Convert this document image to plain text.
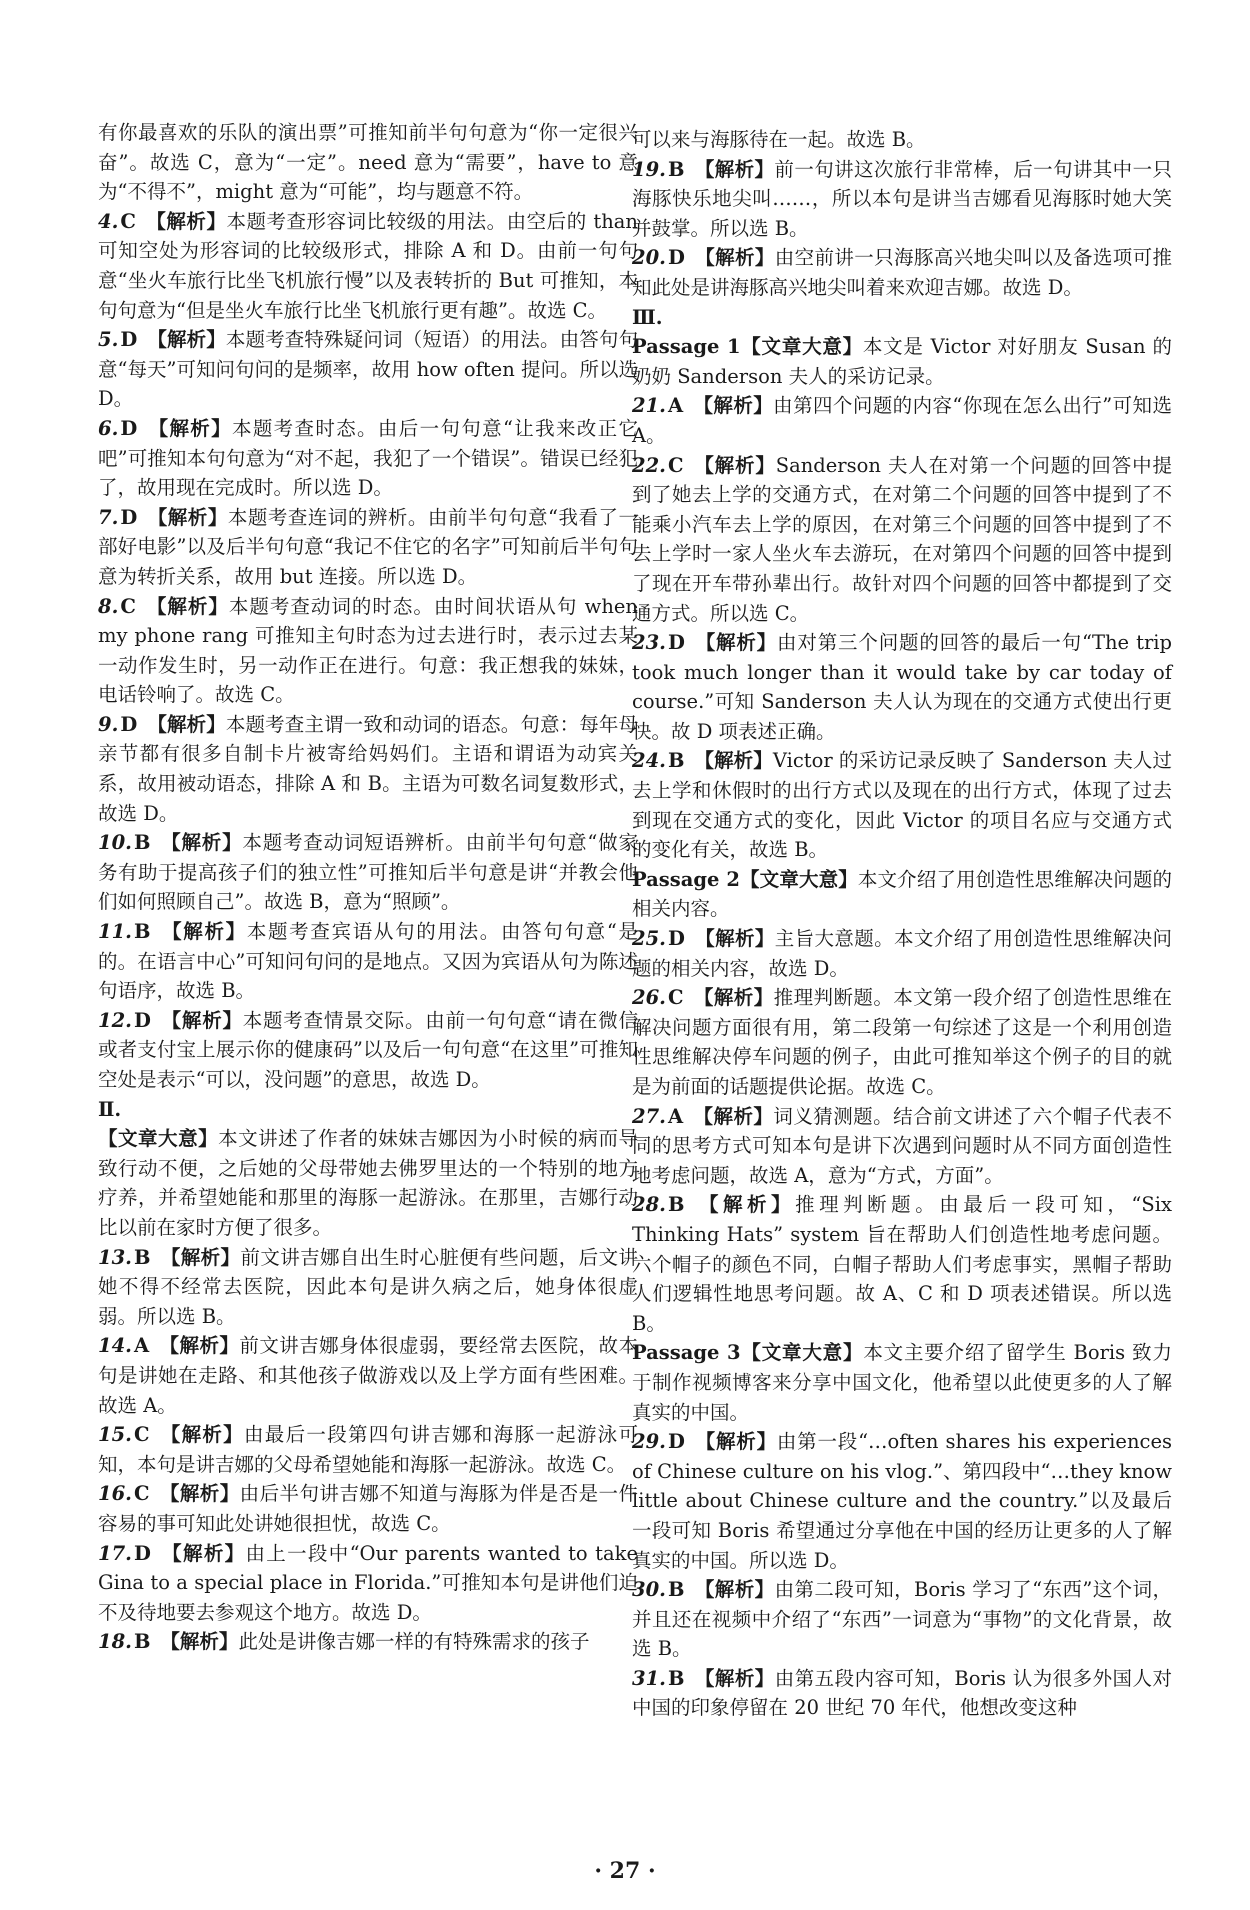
有你最喜欢的乐队的演出票”可推知前半句句意为“你一定很兴奋”。故选 C，意为“一定”。need 意为“需要”，have to 意为“不得不”，might 意为“可能”，均与题意不符。

4. C 【解析】本题考查形容词比较级的用法。由空后的 than 可知空处为形容词的比较级形式，排除 A 和 D。由前一句句意“坐火车旅行比坐飞机旅行慢”以及表转折的 But 可推知，本句句意为“但是坐火车旅行比坐飞机旅行更有趣”。故选 C。

5. D 【解析】本题考查特殊疑问词（短语）的用法。由答句句意“每天”可知问句问的是频率，故用 how often 提问。所以选 D。

6. D 【解析】本题考查时态。由后一句句意“让我来改正它吧”可推知本句句意为“对不起，我犯了一个错误”。错误已经犯了，故用现在完成时。所以选 D。

7. D 【解析】本题考查连词的辨析。由前半句句意“我看了一部好电影”以及后半句句意“我记不住它的名字”可知前后半句句意为转折关系，故用 but 连接。所以选 D。

8. C 【解析】本题考查动词的时态。由时间状语从句 when my phone rang 可推知主句时态为过去进行时，表示过去某一动作发生时，另一动作正在进行。句意：我正想我的妹妹，电话铃响了。故选 C。

9. D 【解析】本题考查主谓一致和动词的语态。句意：每年母亲节都有很多自制卡片被寄给妈妈们。主语和谓语为动宾关系，故用被动语态，排除 A 和 B。主语为可数名词复数形式，故选 D。

10. B 【解析】本题考查动词短语辨析。由前半句句意“做家务有助于提高孩子们的独立性”可推知后半句意是讲“并教会他们如何照顾自己”。故选 B，意为“照顾”。

11. B 【解析】本题考查宾语从句的用法。由答句句意“是的。在语言中心”可知问句问的是地点。又因为宾语从句为陈述句语序，故选 B。

12. D 【解析】本题考查情景交际。由前一句句意“请在微信或者支付宝上展示你的健康码”以及后一句句意“在这里”可推知空处是表示“可以，没问题”的意思，故选 D。

Ⅱ.

【文章大意】本文讲述了作者的妹妹吉娜因为小时候的病而导致行动不便，之后她的父母带她去佛罗里达的一个特别的地方疗养，并希望她能和那里的海豚一起游泳。在那里，吉娜行动比以前在家时方便了很多。

13. B 【解析】前文讲吉娜自出生时心脏便有些问题，后文讲她不得不经常去医院，因此本句是讲久病之后，她身体很虚弱。所以选 B。

14. A 【解析】前文讲吉娜身体很虚弱，要经常去医院，故本句是讲她在走路、和其他孩子做游戏以及上学方面有些困难。故选 A。

15. C 【解析】由最后一段第四句讲吉娜和海豚一起游泳可知，本句是讲吉娜的父母希望她能和海豚一起游泳。故选 C。

16. C 【解析】由后半句讲吉娜不知道与海豚为伴是否是一件容易的事可知此处讲她很担忧，故选 C。

17. D 【解析】由上一段中“Our parents wanted to take Gina to a special place in Florida.”可推知本句是讲他们迫不及待地要去参观这个地方。故选 D。

18. B 【解析】此处是讲像吉娜一样的有特殊需求的孩子

可以来与海豚待在一起。故选 B。

19. B 【解析】前一句讲这次旅行非常棒，后一句讲其中一只海豚快乐地尖叫……，所以本句是讲当吉娜看见海豚时她大笑并鼓掌。所以选 B。

20. D 【解析】由空前讲一只海豚高兴地尖叫以及备选项可推知此处是讲海豚高兴地尖叫着来欢迎吉娜。故选 D。

Ⅲ.

Passage 1【文章大意】本文是 Victor 对好朋友 Susan 的奶奶 Sanderson 夫人的采访记录。

21. A 【解析】由第四个问题的内容“你现在怎么出行”可知选 A。

22. C 【解析】Sanderson 夫人在对第一个问题的回答中提到了她去上学的交通方式，在对第二个问题的回答中提到了不能乘小汽车去上学的原因，在对第三个问题的回答中提到了不去上学时一家人坐火车去游玩，在对第四个问题的回答中提到了现在开车带孙辈出行。故针对四个问题的回答中都提到了交通方式。所以选 C。

23. D 【解析】由对第三个问题的回答的最后一句“The trip took much longer than it would take by car today of course.”可知 Sanderson 夫人认为现在的交通方式使出行更快。故 D 项表述正确。

24. B 【解析】Victor 的采访记录反映了 Sanderson 夫人过去上学和休假时的出行方式以及现在的出行方式，体现了过去到现在交通方式的变化，因此 Victor 的项目名应与交通方式的变化有关，故选 B。

Passage 2【文章大意】本文介绍了用创造性思维解决问题的相关内容。

25. D 【解析】主旨大意题。本文介绍了用创造性思维解决问题的相关内容，故选 D。

26. C 【解析】推理判断题。本文第一段介绍了创造性思维在解决问题方面很有用，第二段第一句综述了这是一个利用创造性思维解决停车问题的例子，由此可推知举这个例子的目的就是为前面的话题提供论据。故选 C。

27. A 【解析】词义猜测题。结合前文讲述了六个帽子代表不同的思考方式可知本句是讲下次遇到问题时从不同方面创造性地考虑问题，故选 A，意为“方式，方面”。

28. B 【解析】推理判断题。由最后一段可知，“Six Thinking Hats” system 旨在帮助人们创造性地考虑问题。六个帽子的颜色不同，白帽子帮助人们考虑事实，黑帽子帮助人们逻辑性地思考问题。故 A、C 和 D 项表述错误。所以选 B。

Passage 3【文章大意】本文主要介绍了留学生 Boris 致力于制作视频博客来分享中国文化，他希望以此使更多的人了解真实的中国。

29. D 【解析】由第一段“…often shares his experiences of Chinese culture on his vlog.”、第四段中“…they know little about Chinese culture and the country.”以及最后一段可知 Boris 希望通过分享他在中国的经历让更多的人了解真实的中国。所以选 D。

30. B 【解析】由第二段可知，Boris 学习了“东西”这个词，并且还在视频中介绍了“东西”一词意为“事物”的文化背景，故选 B。

31. B 【解析】由第五段内容可知，Boris 认为很多外国人对中国的印象停留在 20 世纪 70 年代，他想改变这种

· 27 ·
